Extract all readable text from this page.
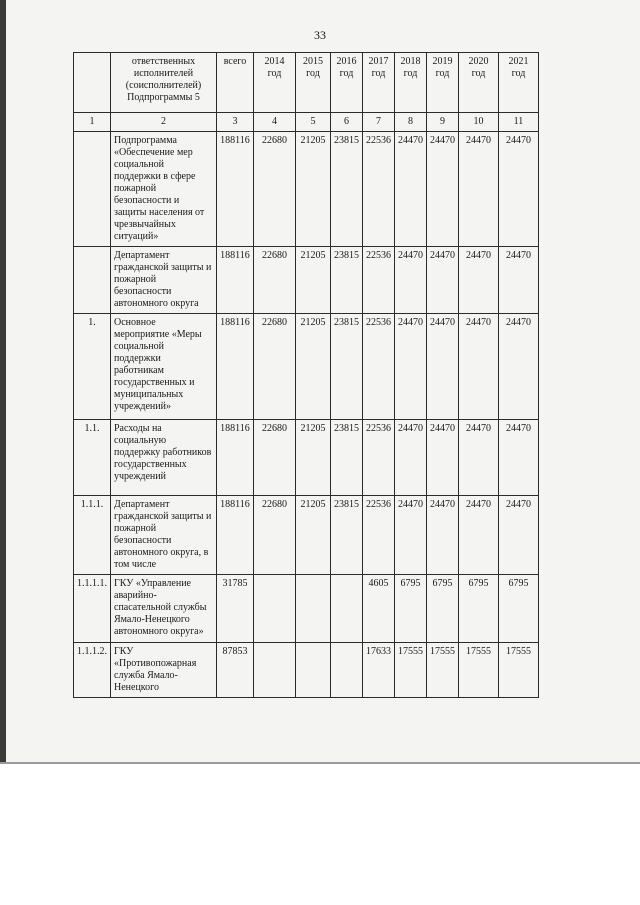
33
	ответственных исполнителей (соисполнителей) Подпрограммы 5	всего	2014 год	2015 год	2016 год	2017 год	2018 год	2019 год	2020 год	2021 год
1	2	3	4	5	6	7	8	9	10	11
	Подпрограмма «Обеспечение мер социальной поддержки в сфере пожарной безопасности и защиты населения от чрезвычайных ситуаций»	188116	22680	21205	23815	22536	24470	24470	24470	24470
	Департамент гражданской защиты и пожарной безопасности автономного округа	188116	22680	21205	23815	22536	24470	24470	24470	24470
1.	Основное мероприятие «Меры социальной поддержки работникам государственных и муниципальных учреждений»	188116	22680	21205	23815	22536	24470	24470	24470	24470
1.1.	Расходы на социальную поддержку работников государственных учреждений	188116	22680	21205	23815	22536	24470	24470	24470	24470
1.1.1.	Департамент гражданской защиты и пожарной безопасности автономного округа, в том числе	188116	22680	21205	23815	22536	24470	24470	24470	24470
1.1.1.1.	ГКУ «Управление аварийно-спасательной службы Ямало-Ненецкого автономного округа»	31785				4605	6795	6795	6795	6795
1.1.1.2.	ГКУ «Противопожарная служба Ямало-Ненецкого	87853				17633	17555	17555	17555	17555
